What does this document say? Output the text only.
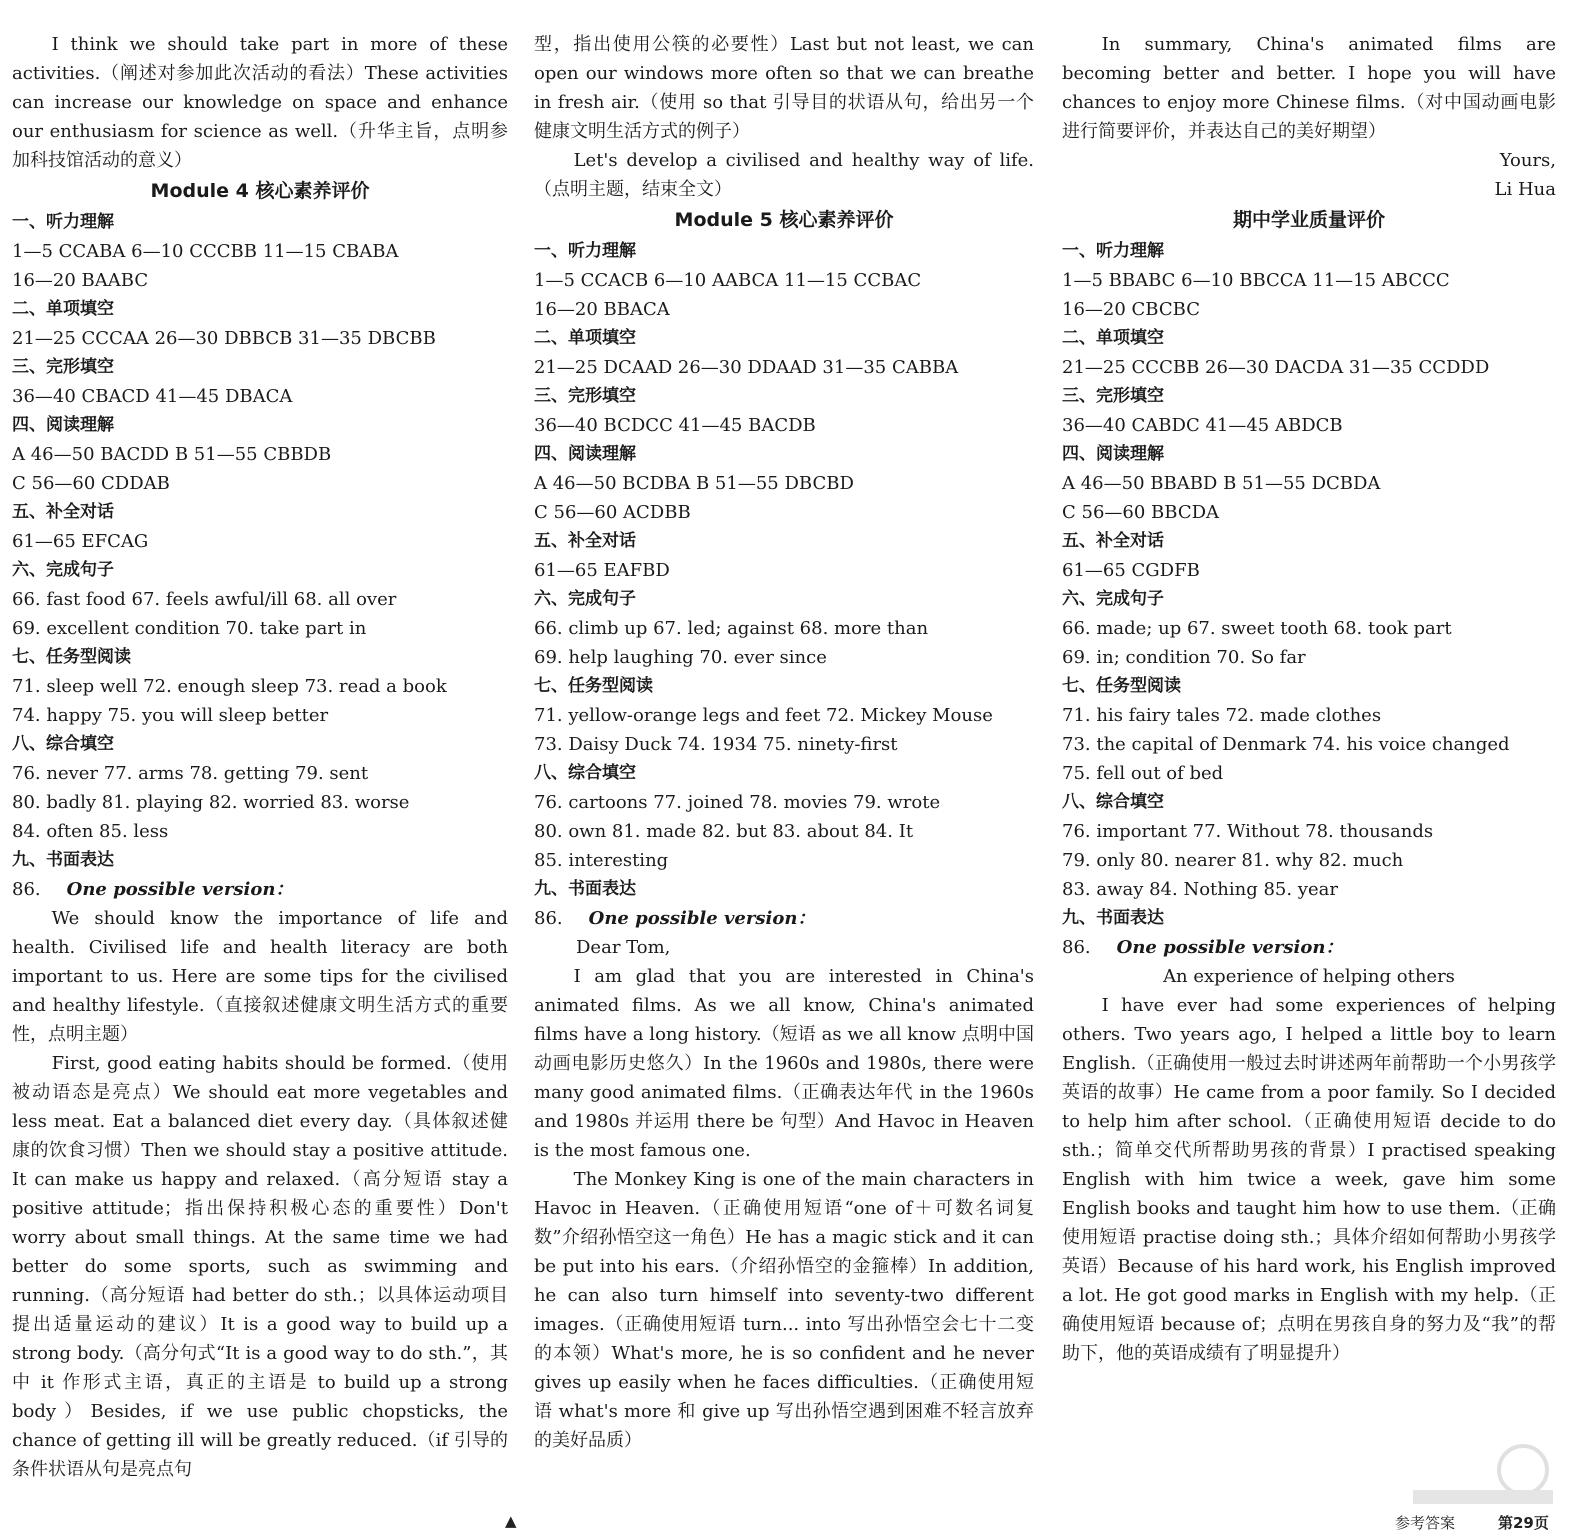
I think we should take part in more of these activities.（阐述对参加此次活动的看法）These activities can increase our knowledge on space and enhance our enthusiasm for science as well.（升华主旨，点明参加科技馆活动的意义）

Module 4 核心素养评价
一、听力理解
1—5 CCABA 6—10 CCCBB 11—15 CBABA
16—20 BAABC
二、单项填空
21—25 CCCAA 26—30 DBBCB 31—35 DBCBB
三、完形填空
36—40 CBACD 41—45 DBACA
四、阅读理解
A 46—50 BACDD B 51—55 CBBDB
C 56—60 CDDAB
五、补全对话
61—65 EFCAG
六、完成句子
66. fast food 67. feels awful/ill 68. all over
69. excellent condition 70. take part in
七、任务型阅读
71. sleep well 72. enough sleep 73. read a book
74. happy 75. you will sleep better
八、综合填空
76. never 77. arms 78. getting 79. sent
80. badly 81. playing 82. worried 83. worse
84. often 85. less
九、书面表达
86. One possible version：

We should know the importance of life and health. Civilised life and health literacy are both important to us. Here are some tips for the civilised and healthy lifestyle.（直接叙述健康文明生活方式的重要性，点明主题）

First, good eating habits should be formed.（使用被动语态是亮点）We should eat more vegetables and less meat. Eat a balanced diet every day.（具体叙述健康的饮食习惯）Then we should stay a positive attitude. It can make us happy and relaxed.（高分短语 stay a positive attitude；指出保持积极心态的重要性）Don't worry about small things. At the same time we had better do some sports, such as swimming and running.（高分短语 had better do sth.；以具体运动项目提出适量运动的建议）It is a good way to build up a strong body.（高分句式“It is a good way to do sth.”，其中 it 作形式主语，真正的主语是 to build up a strong body）Besides, if we use public chopsticks, the chance of getting ill will be greatly reduced.（if 引导的条件状语从句是亮点句

型，指出使用公筷的必要性）Last but not least, we can open our windows more often so that we can breathe in fresh air.（使用 so that 引导目的状语从句，给出另一个健康文明生活方式的例子）

Let's develop a civilised and healthy way of life.（点明主题，结束全文）

Module 5 核心素养评价
一、听力理解
1—5 CCACB 6—10 AABCA 11—15 CCBAC
16—20 BBACA
二、单项填空
21—25 DCAAD 26—30 DDAAD 31—35 CABBA
三、完形填空
36—40 BCDCC 41—45 BACDB
四、阅读理解
A 46—50 BCDBA B 51—55 DBCBD
C 56—60 ACDBB
五、补全对话
61—65 EAFBD
六、完成句子
66. climb up 67. led; against 68. more than
69. help laughing 70. ever since
七、任务型阅读
71. yellow-orange legs and feet 72. Mickey Mouse
73. Daisy Duck 74. 1934 75. ninety-first
八、综合填空
76. cartoons 77. joined 78. movies 79. wrote
80. own 81. made 82. but 83. about 84. It
85. interesting
九、书面表达
86. One possible version：

Dear Tom,

I am glad that you are interested in China's animated films. As we all know, China's animated films have a long history.（短语 as we all know 点明中国动画电影历史悠久）In the 1960s and 1980s, there were many good animated films.（正确表达年代 in the 1960s and 1980s 并运用 there be 句型）And Havoc in Heaven is the most famous one.

The Monkey King is one of the main characters in Havoc in Heaven.（正确使用短语“one of＋可数名词复数”介绍孙悟空这一角色）He has a magic stick and it can be put into his ears.（介绍孙悟空的金箍棒）In addition, he can also turn himself into seventy-two different images.（正确使用短语 turn... into 写出孙悟空会七十二变的本领）What's more, he is so confident and he never gives up easily when he faces difficulties.（正确使用短语 what's more 和 give up 写出孙悟空遇到困难不轻言放弃的美好品质）

In summary, China's animated films are becoming better and better. I hope you will have chances to enjoy more Chinese films.（对中国动画电影进行简要评价，并表达自己的美好期望）

Yours,

Li Hua

期中学业质量评价
一、听力理解
1—5 BBABC 6—10 BBCCA 11—15 ABCCC
16—20 CBCBC
二、单项填空
21—25 CCCBB 26—30 DACDA 31—35 CCDDD
三、完形填空
36—40 CABDC 41—45 ABDCB
四、阅读理解
A 46—50 BBABD B 51—55 DCBDA
C 56—60 BBCDA
五、补全对话
61—65 CGDFB
六、完成句子
66. made; up 67. sweet tooth 68. took part
69. in; condition 70. So far
七、任务型阅读
71. his fairy tales 72. made clothes
73. the capital of Denmark 74. his voice changed
75. fell out of bed
八、综合填空
76. important 77. Without 78. thousands
79. only 80. nearer 81. why 82. much
83. away 84. Nothing 85. year
九、书面表达
86. One possible version：

An experience of helping others

I have ever had some experiences of helping others. Two years ago, I helped a little boy to learn English.（正确使用一般过去时讲述两年前帮助一个小男孩学英语的故事）He came from a poor family. So I decided to help him after school.（正确使用短语 decide to do sth.；简单交代所帮助男孩的背景）I practised speaking English with him twice a week, gave him some English books and taught him how to use them.（正确使用短语 practise doing sth.；具体介绍如何帮助小男孩学英语）Because of his hard work, his English improved a lot. He got good marks in English with my help.（正确使用短语 because of；点明在男孩自身的努力及“我”的帮助下，他的英语成绩有了明显提升）

▲	参考答案	第29页
